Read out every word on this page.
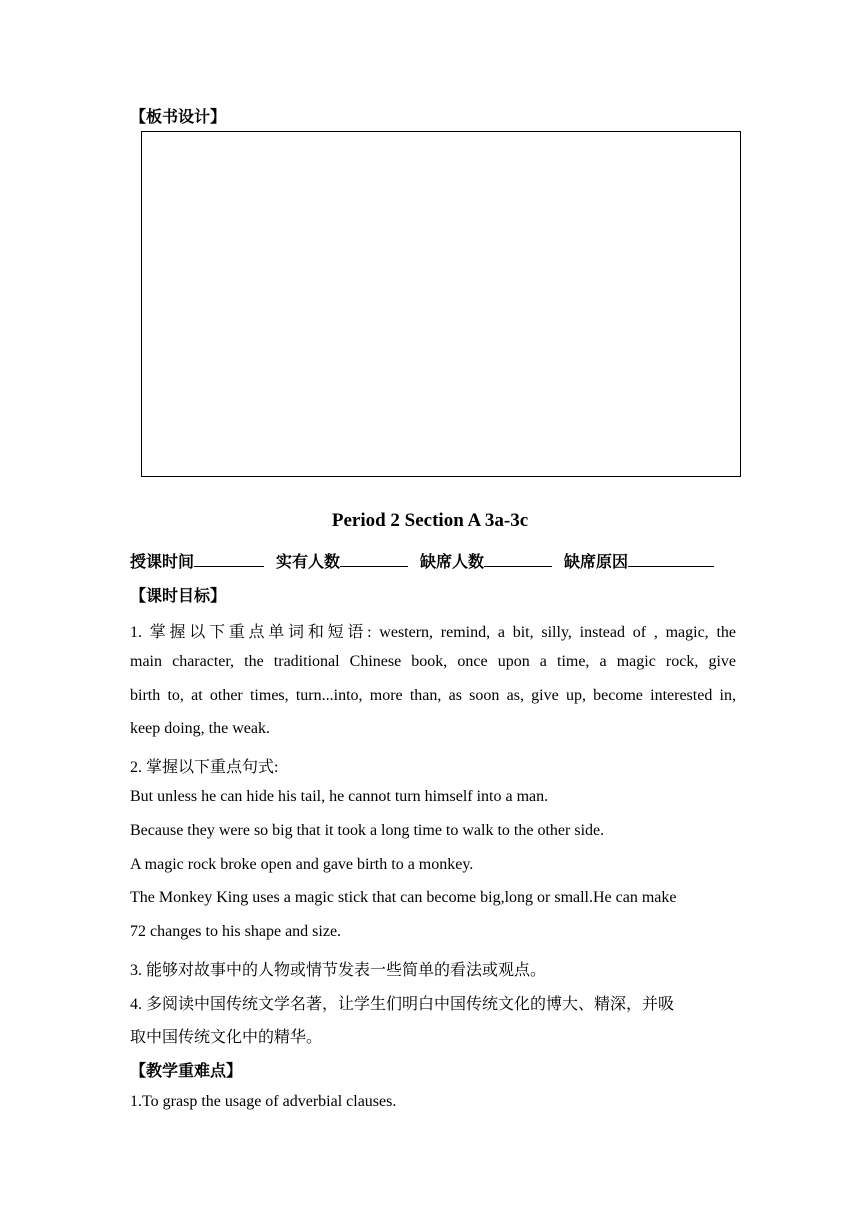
【板书设计】
Period 2 Section A 3a-3c
授课时间	实有人数	缺席人数	缺席原因
【课时目标】
1. 掌握以下重点单词和短语: western, remind, a bit, silly, instead of , magic, the
main character, the traditional Chinese book, once upon a time, a magic rock, give
birth to, at other times, turn...into, more than, as soon as, give up, become interested in,
keep doing, the weak.
2. 掌握以下重点句式:
But unless he can hide his tail, he cannot turn himself into a man.
Because they were so big that it took a long time to walk to the other side.
A magic rock broke open and gave birth to a monkey.
The Monkey King uses a magic stick that can become big,long or small.He can make
72 changes to his shape and size.
3. 能够对故事中的人物或情节发表一些简单的看法或观点。
4. 多阅读中国传统文学名著，让学生们明白中国传统文化的博大、精深，并吸
取中国传统文化中的精华。
【教学重难点】
1.To grasp the usage of adverbial clauses.
